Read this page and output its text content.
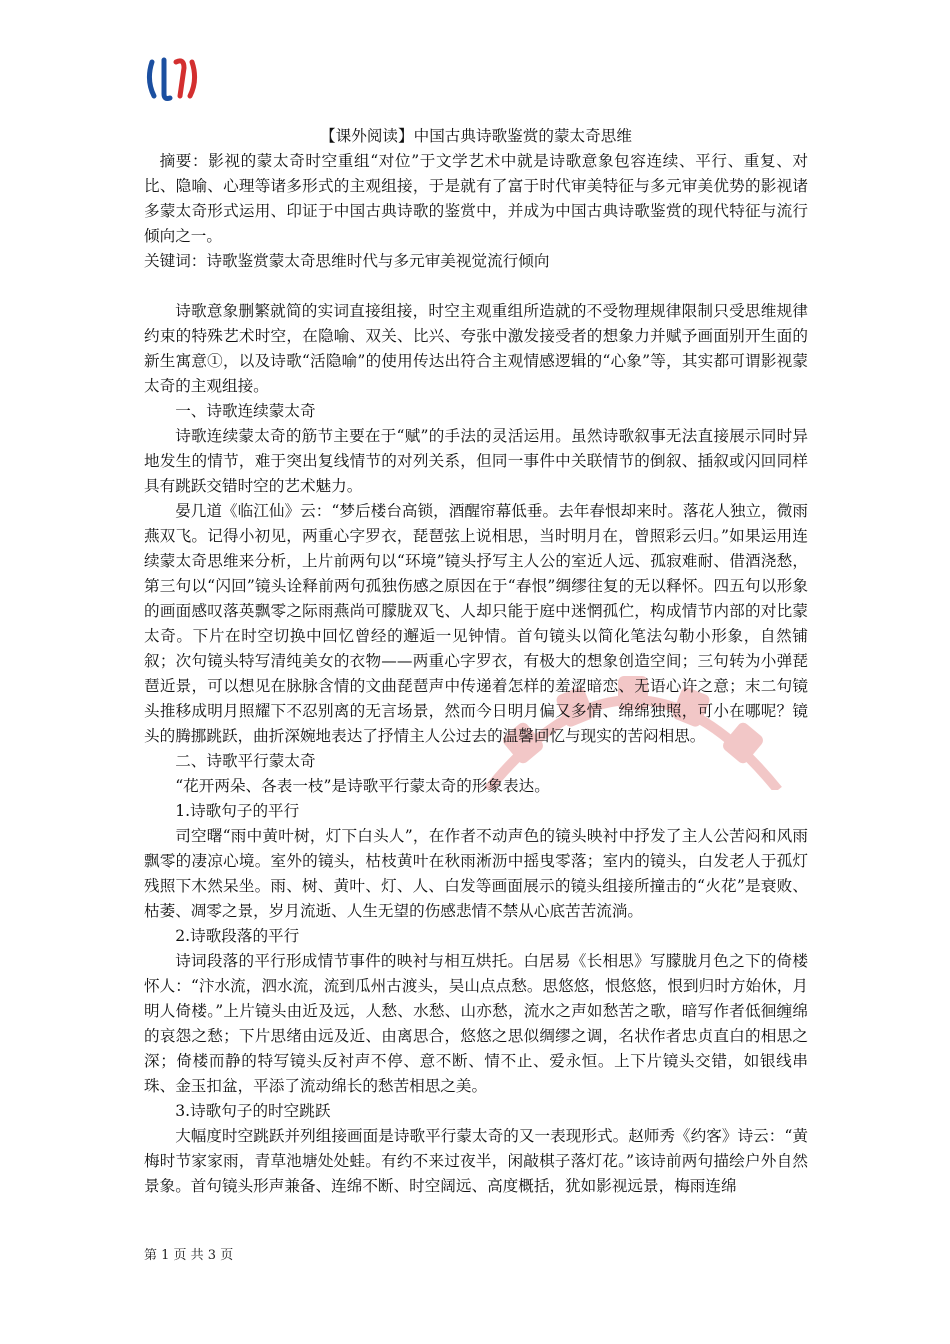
【课外阅读】中国古典诗歌鉴赏的蒙太奇思维

摘要：影视的蒙太奇时空重组“对位”于文学艺术中就是诗歌意象包容连续、平行、重复、对比、隐喻、心理等诸多形式的主观组接，于是就有了富于时代审美特征与多元审美优势的影视诸多蒙太奇形式运用、印证于中国古典诗歌的鉴赏中，并成为中国古典诗歌鉴赏的现代特征与流行倾向之一。

关键词：诗歌鉴赏蒙太奇思维时代与多元审美视觉流行倾向

诗歌意象删繁就简的实词直接组接，时空主观重组所造就的不受物理规律限制只受思维规律约束的特殊艺术时空，在隐喻、双关、比兴、夸张中激发接受者的想象力并赋予画面别开生面的新生寓意①，以及诗歌“活隐喻”的使用传达出符合主观情感逻辑的“心象”等，其实都可谓影视蒙太奇的主观组接。

一、诗歌连续蒙太奇

诗歌连续蒙太奇的筋节主要在于“赋”的手法的灵活运用。虽然诗歌叙事无法直接展示同时异地发生的情节，难于突出复线情节的对列关系，但同一事件中关联情节的倒叙、插叙或闪回同样具有跳跃交错时空的艺术魅力。

晏几道《临江仙》云：“梦后楼台高锁，酒醒帘幕低垂。去年春恨却来时。落花人独立，微雨燕双飞。记得小初见，两重心字罗衣，琵琶弦上说相思，当时明月在，曾照彩云归。”如果运用连续蒙太奇思维来分析，上片前两句以“环境”镜头抒写主人公的室近人远、孤寂难耐、借酒浇愁，第三句以“闪回”镜头诠释前两句孤独伤感之原因在于“春恨”绸缪往复的无以释怀。四五句以形象的画面感叹落英飘零之际雨燕尚可朦胧双飞、人却只能于庭中迷惘孤伫，构成情节内部的对比蒙太奇。下片在时空切换中回忆曾经的邂逅一见钟情。首句镜头以简化笔法勾勒小形象，自然铺叙；次句镜头特写清纯美女的衣物——两重心字罗衣，有极大的想象创造空间；三句转为小弹琵琶近景，可以想见在脉脉含情的文曲琵琶声中传递着怎样的羞涩暗恋、无语心许之意；末二句镜头推移成明月照耀下不忍别离的无言场景，然而今日明月偏又多情、绵绵独照，可小在哪呢？镜头的腾挪跳跃，曲折深婉地表达了抒情主人公过去的温馨回忆与现实的苦闷相思。

二、诗歌平行蒙太奇

“花开两朵、各表一枝”是诗歌平行蒙太奇的形象表达。

1.诗歌句子的平行

司空曙“雨中黄叶树，灯下白头人”，在作者不动声色的镜头映衬中抒发了主人公苦闷和风雨飘零的凄凉心境。室外的镜头，枯枝黄叶在秋雨淅沥中摇曳零落；室内的镜头，白发老人于孤灯残照下木然呆坐。雨、树、黄叶、灯、人、白发等画面展示的镜头组接所撞击的“火花”是衰败、枯萎、凋零之景，岁月流逝、人生无望的伤感悲情不禁从心底苦苦流淌。

2.诗歌段落的平行

诗词段落的平行形成情节事件的映衬与相互烘托。白居易《长相思》写朦胧月色之下的倚楼怀人：“汴水流，泗水流，流到瓜州古渡头，吴山点点愁。思悠悠，恨悠悠，恨到归时方始休，月明人倚楼。”上片镜头由近及远，人愁、水愁、山亦愁，流水之声如愁苦之歌，暗写作者低徊缠绵的哀怨之愁；下片思绪由远及近、由离思合，悠悠之思似绸缪之调，名状作者忠贞直白的相思之深；倚楼而静的特写镜头反衬声不停、意不断、情不止、爱永恒。上下片镜头交错，如银线串珠、金玉扣盆，平添了流动绵长的愁苦相思之美。

3.诗歌句子的时空跳跃

大幅度时空跳跃并列组接画面是诗歌平行蒙太奇的又一表现形式。赵师秀《约客》诗云：“黄梅时节家家雨，青草池塘处处蛙。有约不来过夜半，闲敲棋子落灯花。”该诗前两句描绘户外自然景象。首句镜头形声兼备、连绵不断、时空阔远、高度概括，犹如影视远景，梅雨连绵

第 1 页 共 3 页
